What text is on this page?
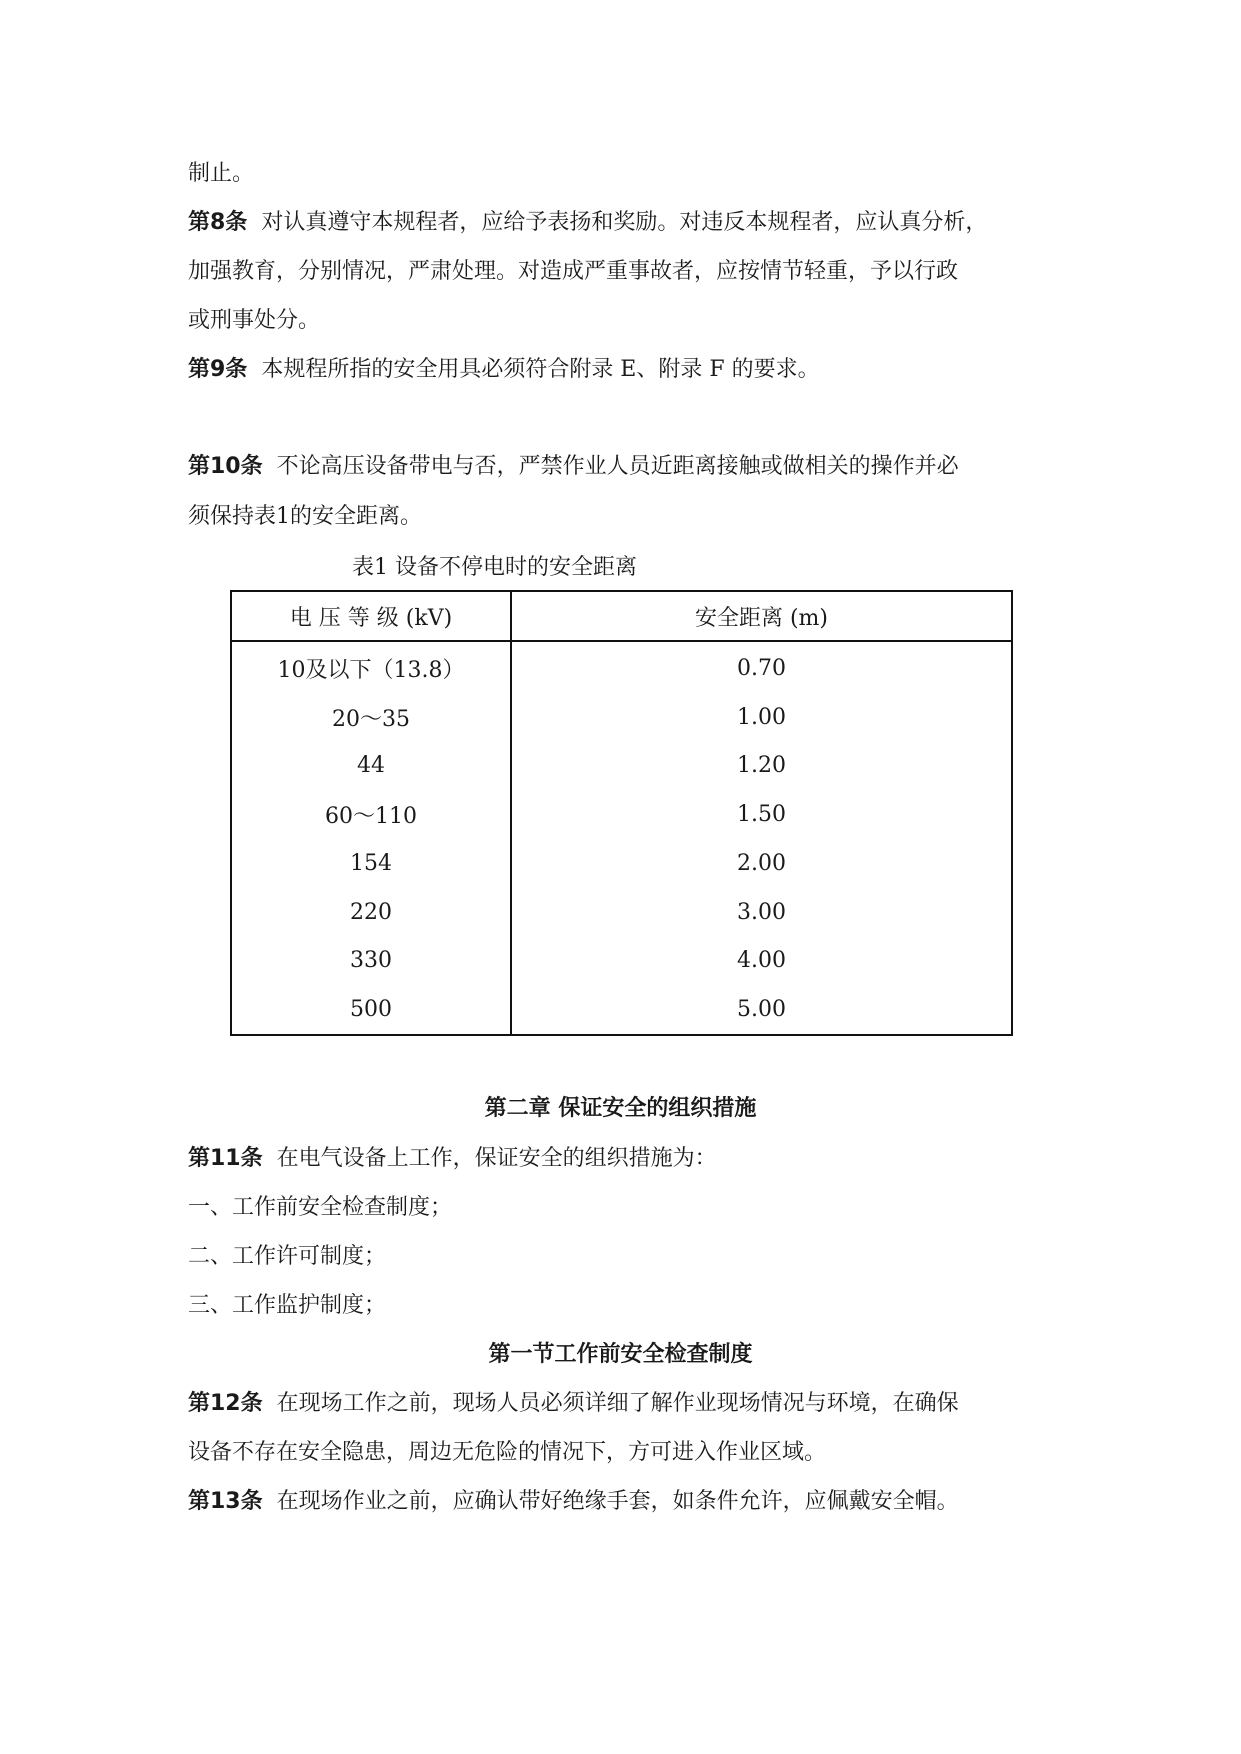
制止。
第8条 对认真遵守本规程者，应给予表扬和奖励。对违反本规程者，应认真分析，
加强教育，分别情况，严肃处理。对造成严重事故者，应按情节轻重，予以行政
或刑事处分。
第9条 本规程所指的安全用具必须符合附录 E、附录 F 的要求。
第10条 不论高压设备带电与否，严禁作业人员近距离接触或做相关的操作并必
须保持表1的安全距离。
表1 设备不停电时的安全距离
电 压 等 级 (kV)	安全距离 (m)
10及以下（13.8）	0.70
20～35	1.00
44	1.20
60～110	1.50
154	2.00
220	3.00
330	4.00
500	5.00
第二章 保证安全的组织措施
第11条 在电气设备上工作，保证安全的组织措施为：
一、工作前安全检查制度；
二、工作许可制度；
三、工作监护制度；
第一节工作前安全检查制度
第12条 在现场工作之前，现场人员必须详细了解作业现场情况与环境，在确保
设备不存在安全隐患，周边无危险的情况下，方可进入作业区域。
第13条 在现场作业之前，应确认带好绝缘手套，如条件允许，应佩戴安全帽。
